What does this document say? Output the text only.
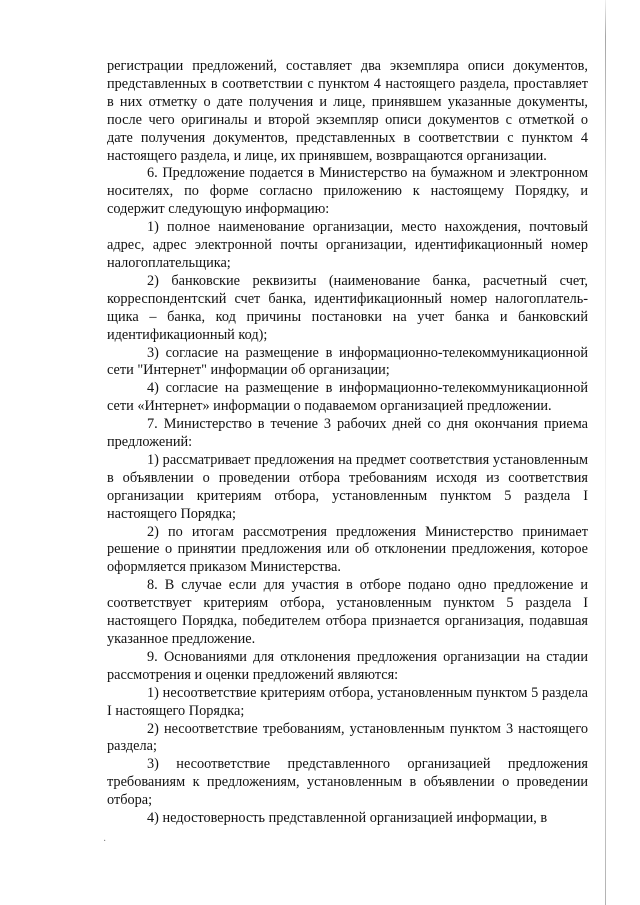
регистрации предложений, составляет два экземпляра описи документов, представленных в соответствии с пунктом 4 настоящего раздела, проставляет в них отметку о дате получения и лице, принявшем указанные документы, после чего оригиналы и второй экземпляр описи документов с отметкой о дате получения документов, представленных в соответствии с пунктом 4 настоящего раздела, и лице, их принявшем, возвращаются организации.

6. Предложение подается в Министерство на бумажном и электронном носителях, по форме согласно приложению к настоящему Порядку, и содержит следующую информацию:

1) полное наименование организации, место нахождения, почтовый адрес, адрес электронной почты организации, идентификационный номер налогоплательщика;

2) банковские реквизиты (наименование банка, расчетный счет, корреспондентский счет банка, идентификационный номер налогоплатель-щика – банка, код причины постановки на учет банка и банковский идентификационный код);

3) согласие на размещение в информационно-телекоммуникационной сети "Интернет" информации об организации;

4) согласие на размещение в информационно-телекоммуникационной сети «Интернет» информации о подаваемом организацией предложении.

7. Министерство в течение 3 рабочих дней со дня окончания приема предложений:

1) рассматривает предложения на предмет соответствия установленным в объявлении о проведении отбора требованиям исходя из соответствия организации критериям отбора, установленным пунктом 5 раздела I настоящего Порядка;

2) по итогам рассмотрения предложения Министерство принимает решение о принятии предложения или об отклонении предложения, которое оформляется приказом Министерства.

8. В случае если для участия в отборе подано одно предложение и соответствует критериям отбора, установленным пунктом 5 раздела I настоящего Порядка, победителем отбора признается организация, подавшая указанное предложение.

9. Основаниями для отклонения предложения организации на стадии рассмотрения и оценки предложений являются:

1) несоответствие критериям отбора, установленным пунктом 5 раздела I настоящего Порядка;

2) несоответствие требованиям, установленным пунктом 3 настоящего раздела;

3) несоответствие представленного организацией предложения требованиям к предложениям, установленным в объявлении о проведении отбора;

4) недостоверность представленной организацией информации, в

·
